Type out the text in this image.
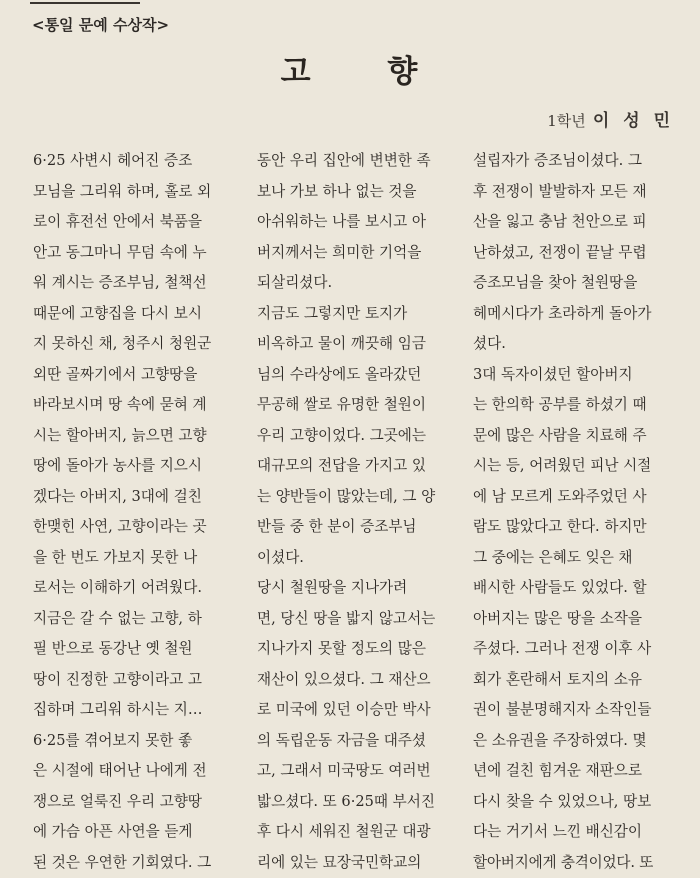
<통일 문예 수상작>
고 향
1학년 이 성 민
6·25 사변시 헤어진 증조
모님을 그리워 하며, 홀로 외
로이 휴전선 안에서 북품을
안고 동그마니 무덤 속에 누
워 계시는 증조부님, 철책선
때문에 고향집을 다시 보시
지 못하신 채, 청주시 청원군
외딴 골짜기에서 고향땅을
바라보시며 땅 속에 묻혀 계
시는 할아버지, 늙으면 고향
땅에 돌아가 농사를 지으시
겠다는 아버지, 3대에 걸친
한맺힌 사연, 고향이라는 곳
을 한 번도 가보지 못한 나
로서는 이해하기 어려웠다.
지금은 갈 수 없는 고향, 하
필 반으로 동강난 옛 철원
땅이 진정한 고향이라고 고
집하며 그리워 하시는 지…
6·25를 겪어보지 못한 좋
은 시절에 태어난 나에게 전
쟁으로 얼룩진 우리 고향땅
에 가슴 아픈 사연을 듣게
된 것은 우연한 기회였다. 그
동안 우리 집안에 변변한 족
보나 가보 하나 없는 것을
아쉬워하는 나를 보시고 아
버지께서는 희미한 기억을
되살리셨다.
지금도 그렇지만 토지가
비옥하고 물이 깨끗해 임금
님의 수라상에도 올라갔던
무공해 쌀로 유명한 철원이
우리 고향이었다. 그곳에는
대규모의 전답을 가지고 있
는 양반들이 많았는데, 그 양
반들 중 한 분이 증조부님
이셨다.
당시 철원땅을 지나가려
면, 당신 땅을 밟지 않고서는
지나가지 못할 정도의 많은
재산이 있으셨다. 그 재산으
로 미국에 있던 이승만 박사
의 독립운동 자금을 대주셨
고, 그래서 미국땅도 여러번
밟으셨다. 또 6·25때 부서진
후 다시 세워진 철원군 대광
리에 있는 묘장국민학교의
설립자가 증조님이셨다. 그
후 전쟁이 발발하자 모든 재
산을 잃고 충남 천안으로 피
난하셨고, 전쟁이 끝날 무렵
증조모님을 찾아 철원땅을
헤메시다가 초라하게 돌아가
셨다.
3대 독자이셨던 할아버지
는 한의학 공부를 하셨기 때
문에 많은 사람을 치료해 주
시는 등, 어려웠던 피난 시절
에 남 모르게 도와주었던 사
람도 많았다고 한다. 하지만
그 중에는 은혜도 잊은 채
배시한 사람들도 있었다. 할
아버지는 많은 땅을 소작을
주셨다. 그러나 전쟁 이후 사
회가 혼란해서 토지의 소유
권이 불분명해지자 소작인들
은 소유권을 주장하였다. 몇
년에 걸친 힘겨운 재판으로
다시 찾을 수 있었으나, 땅보
다는 거기서 느낀 배신감이
할아버지에게 충격이었다. 또
